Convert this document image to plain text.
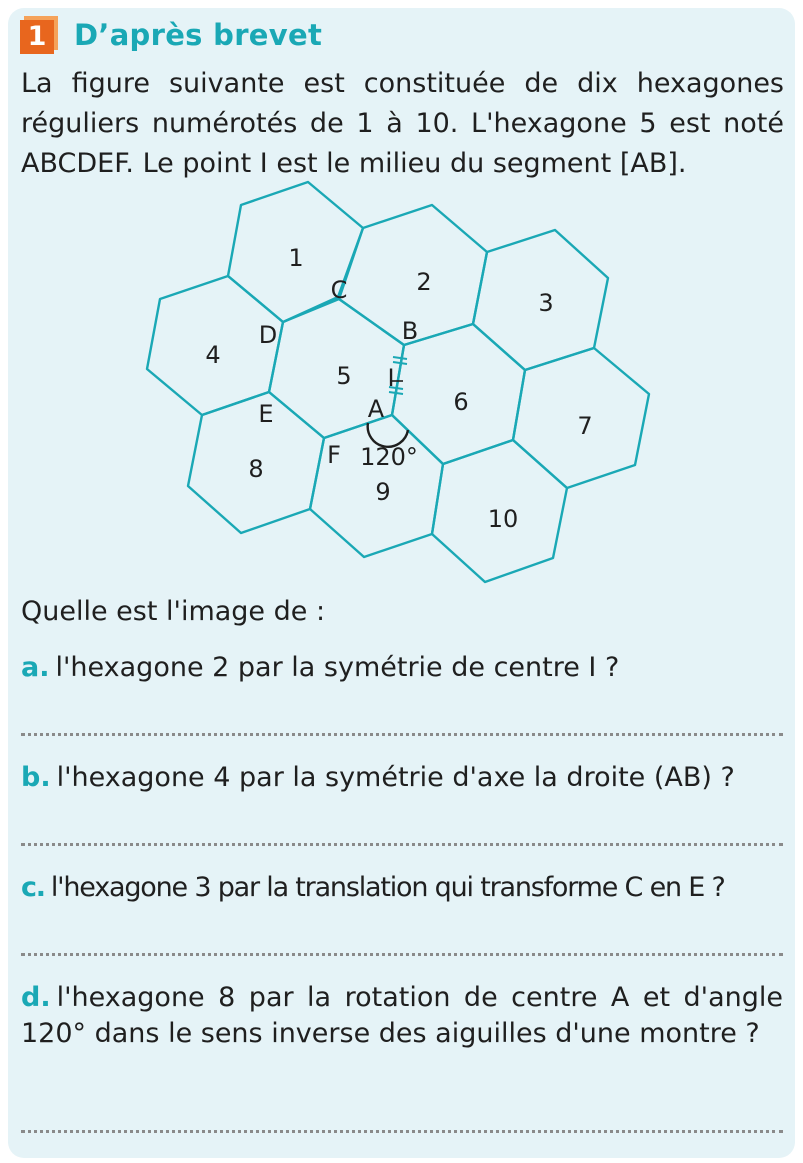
1 D’après brevet
La figure suivante est constituée de dix hexagones réguliers numérotés de 1 à 10. L'hexagone 5 est noté ABCDEF. Le point I est le milieu du segment [AB].
1
2
3
4
5
6
7
8
9
10
A
B
C
D
E
F
I
120°
Quelle est l'image de :
a. l'hexagone 2 par la symétrie de centre I ?
b. l'hexagone 4 par la symétrie d'axe la droite (AB) ?
c. l'hexagone 3 par la translation qui transforme C en E ?
d. l'hexagone 8 par la rotation de centre A et d'angle 120° dans le sens inverse des aiguilles d'une montre ?
